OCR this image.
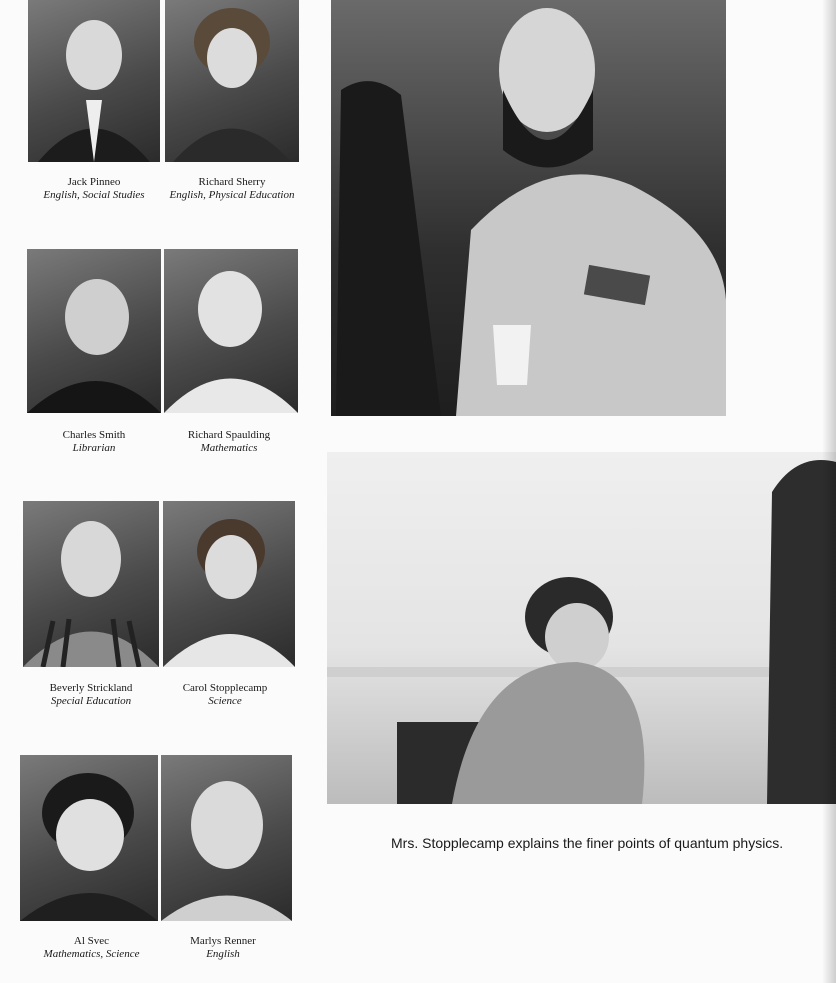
Jack Pinneo
English, Social Studies
Richard Sherry
English, Physical Education
Charles Smith
Librarian
Richard Spaulding
Mathematics
Beverly Strickland
Special Education
Carol Stopplecamp
Science
Al Svec
Mathematics, Science
Marlys Renner
English
Mrs. Stopplecamp explains the finer points of quantum physics.
